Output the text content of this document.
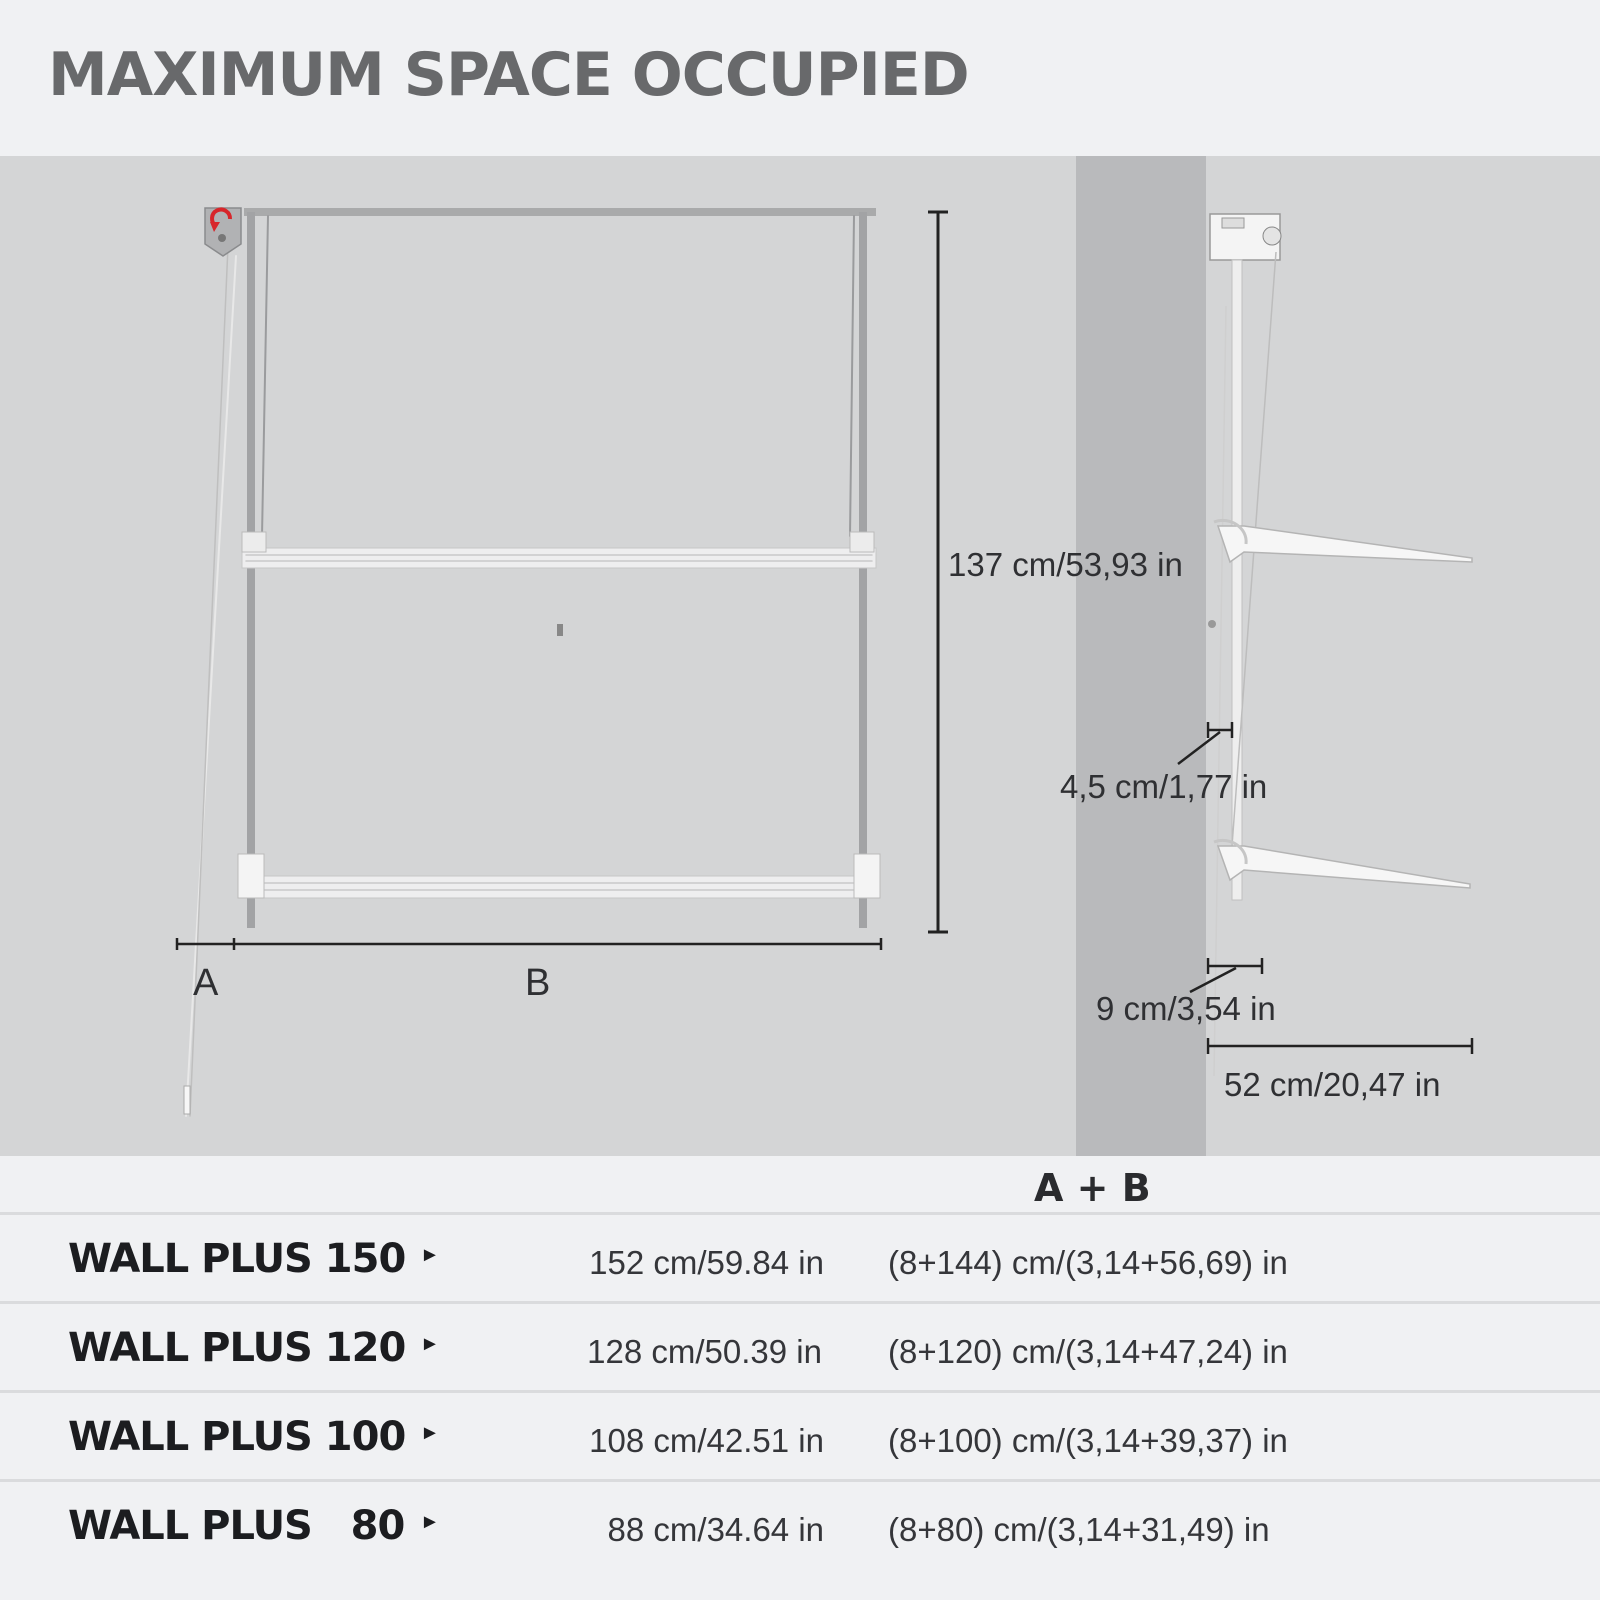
MAXIMUM SPACE OCCUPIED
137 cm/53,93 in
A	B
4,5 cm/1,77 in
9 cm/3,54 in
52 cm/20,47 in
A + B
WALL PLUS 150 ►	152 cm/59.84 in (8+144) cm/(3,14+56,69) in
WALL PLUS 120 ►	128 cm/50.39 in (8+120) cm/(3,14+47,24) in
WALL PLUS 100 ►	108 cm/42.51 in (8+100) cm/(3,14+39,37) in
WALL PLUS   80 ►	88 cm/34.64 in (8+80) cm/(3,14+31,49) in
